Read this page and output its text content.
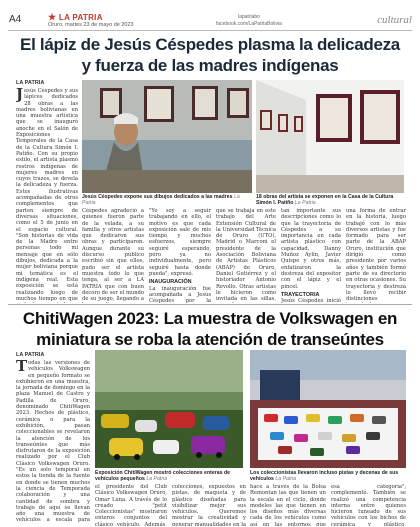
A4	★ LA PATRIA
Oruro, martes 23 de mayo de 2023
lapatriabo
facebook.com/LaPatriaBolivia	cultural
El lápiz de Jesús Céspedes plasma la delicadeza y fuerza de las madres indígenas
LA PATRIA
Jesús Céspedes y sus lápices dedicados 28 obras a las madres bolivianas en una muestra artística que se inauguró anoche en el Salón de Exposiciones Temporales de la Casa de la Cultura Simón I. Patiño. Con su propio estilo, el artista plasmó rostros indígenas de mujeres madres en cuyos trazos, se devela la delicadeza y fuerza. Estos ilustrativas acompañadas de otros complementos que parten siempre de diversas situaciones, como el 5 de junio en el espacio cultural. "Son historias de vida de la Madre entre personas todo mi mensaje que en sólo dibujos, dedicada a la mujer boliviana porque mi temática es el indígena real. Esta exposición se está realizando luego de muchos tiempo en que
Jesús Céspedes expone sus dibujos dedicados a las madres La Patria
18 obras del artista se exponen en la Casa de la Cultura Simón I. Patiño La Patria
Céspedes agradeció a quienes fueron parte de la velada, a su familia y otros artistas que dedicaron sus obras y participaron. Aunque durante su discurso público escribió sin que ellos, pudo ser el artista muestra todo lo que tenga, al ser a LA PATRIA que con buen decoro de ser el mundo de su juego, llegando a
"Yo soy a seguir trabajando en ello, el motivo es que cada exposición sale de mis tiempo y muchos esfuerzos, siempre seguiré esperando, pero ya no individualmente, pero seguiré hasta donde pueda", expresó.
INAUGURACIÓN
La inauguración fue acompañada a Jesús Céspedes por la
que se trabaja en este trabajo del Arte Extensión Cultural de la Universidad Técnica de Oruro (UTO), Madrid o Marconi el presidente de la Asociación Boliviana de Artistas Plásticos (ABAP) de Oruro, Daniel Gutiérrez y el historiador Antonio Revollo. Otras artistas le hicieron como invitada en las sillas,
tan importante sus descripciones como lo que la trayectoria de Céspedes a su importancia en cada artista plástico con capacidad. Danny Muñoz Aylín, Javier Quispe y otros más, enfatizaron la destreza del expositor con el lápiz y el pincel.
TRAYECTORIA
Jesús Céspedes inició
una forma de entrar en la historia, luego trabajó con lo más diversos artistas y fue formado para ser parte de la ABAP Oruro, institución que dirigió como presidente por varios años y también formó parte de su directorio en otras ocasiones. Su trayectoria y destreza lo llevó recibir distinciones
ChitiWagen 2023: La muestra de Volkswagen en miniatura se roba la atención de transeúntes
LA PATRIA
Todas las versiones de vehículos Volkswagen en pequeño formato se exhibieron en una muestra, la jornada de domingo en la plaza Manuel de Castro y Padilla de Oruro, denominado ChitiWagen 2023. Hechos de plástico, cerámica o para la exhibición, pasan coleccionables se revelaron la atención de los transeúntes que más disfrutaron de la exposición realizado por el Club Clásico Volkswagen Oruro. "Es un solo temporal en estos la tienda de la fuente en donde se tienen muchos la ciencia de Temporada colaboración y una cantidad de sombra y trabajo de aquí se llevan año una muestra de vehículos a escala para
Exposición ChitiWagen mostró colecciones enteras de vehículos pequeños La Patria
Los coleccionistas llevaron incluso pistas y decenas de sus vehículos La Patria
el presidente del Club Clásico Volkswagen Oruro, Omar Luna. A través de lo creado "petit Coleccionistas" mostraron enteros conjuntos del clásico vehículo. Además,
colecciones, expuestos en pistas, de maqueta y de plástico diseñadas para visibilizar mejor sus vehículos. Queremos mostrar la creatividad y generar manualidades en la
hace a través de la Bolsa Remontan las que tienen un la escala en el ciclo, donde modeles las que tienen en los diseños más diversas cada de los vehículos como así en las entornos que
esa categoría", complementó. También se realizó una competencia interna entre quienes hicieron tuneado de sus vehículos con los bichos de cerámica y plástico,
